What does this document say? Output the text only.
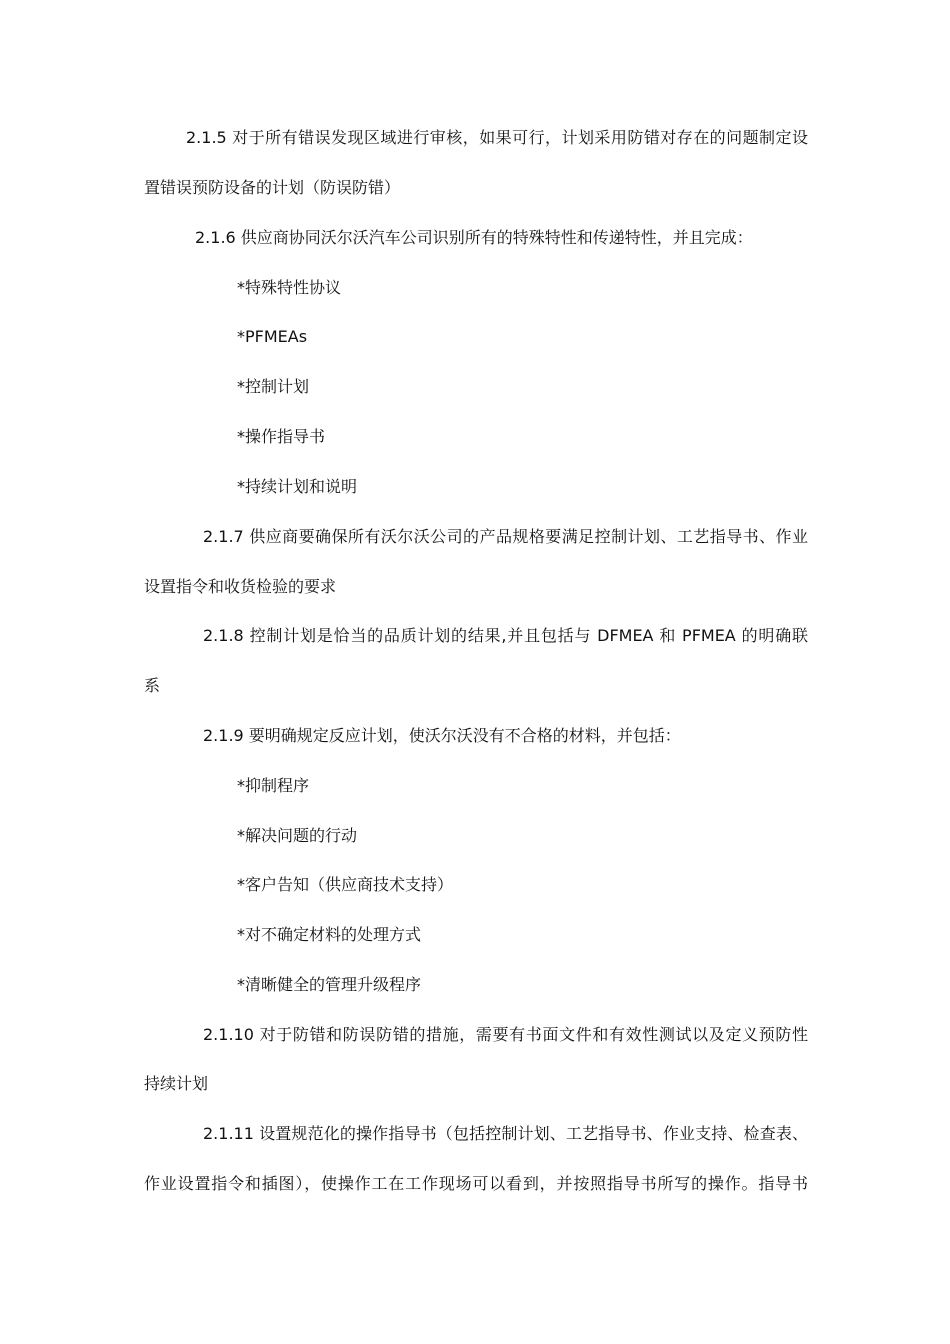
2.1.5 对于所有错误发现区域进行审核，如果可行，计划采用防错对存在的问题制定设
置错误预防设备的计划（防误防错）
2.1.6 供应商协同沃尔沃汽车公司识别所有的特殊特性和传递特性，并且完成：
*特殊特性协议
*PFMEAs
*控制计划
*操作指导书
*持续计划和说明
2.1.7 供应商要确保所有沃尔沃公司的产品规格要满足控制计划、工艺指导书、作业
设置指令和收货检验的要求
2.1.8 控制计划是恰当的品质计划的结果,并且包括与 DFMEA 和 PFMEA 的明确联
系
2.1.9 要明确规定反应计划，使沃尔沃没有不合格的材料，并包括：
*抑制程序
*解决问题的行动
*客户告知（供应商技术支持）
*对不确定材料的处理方式
*清晰健全的管理升级程序
2.1.10 对于防错和防误防错的措施，需要有书面文件和有效性测试以及定义预防性
持续计划
2.1.11 设置规范化的操作指导书（包括控制计划、工艺指导书、作业支持、检查表、
作业设置指令和插图），使操作工在工作现场可以看到，并按照指导书所写的操作。指导书
